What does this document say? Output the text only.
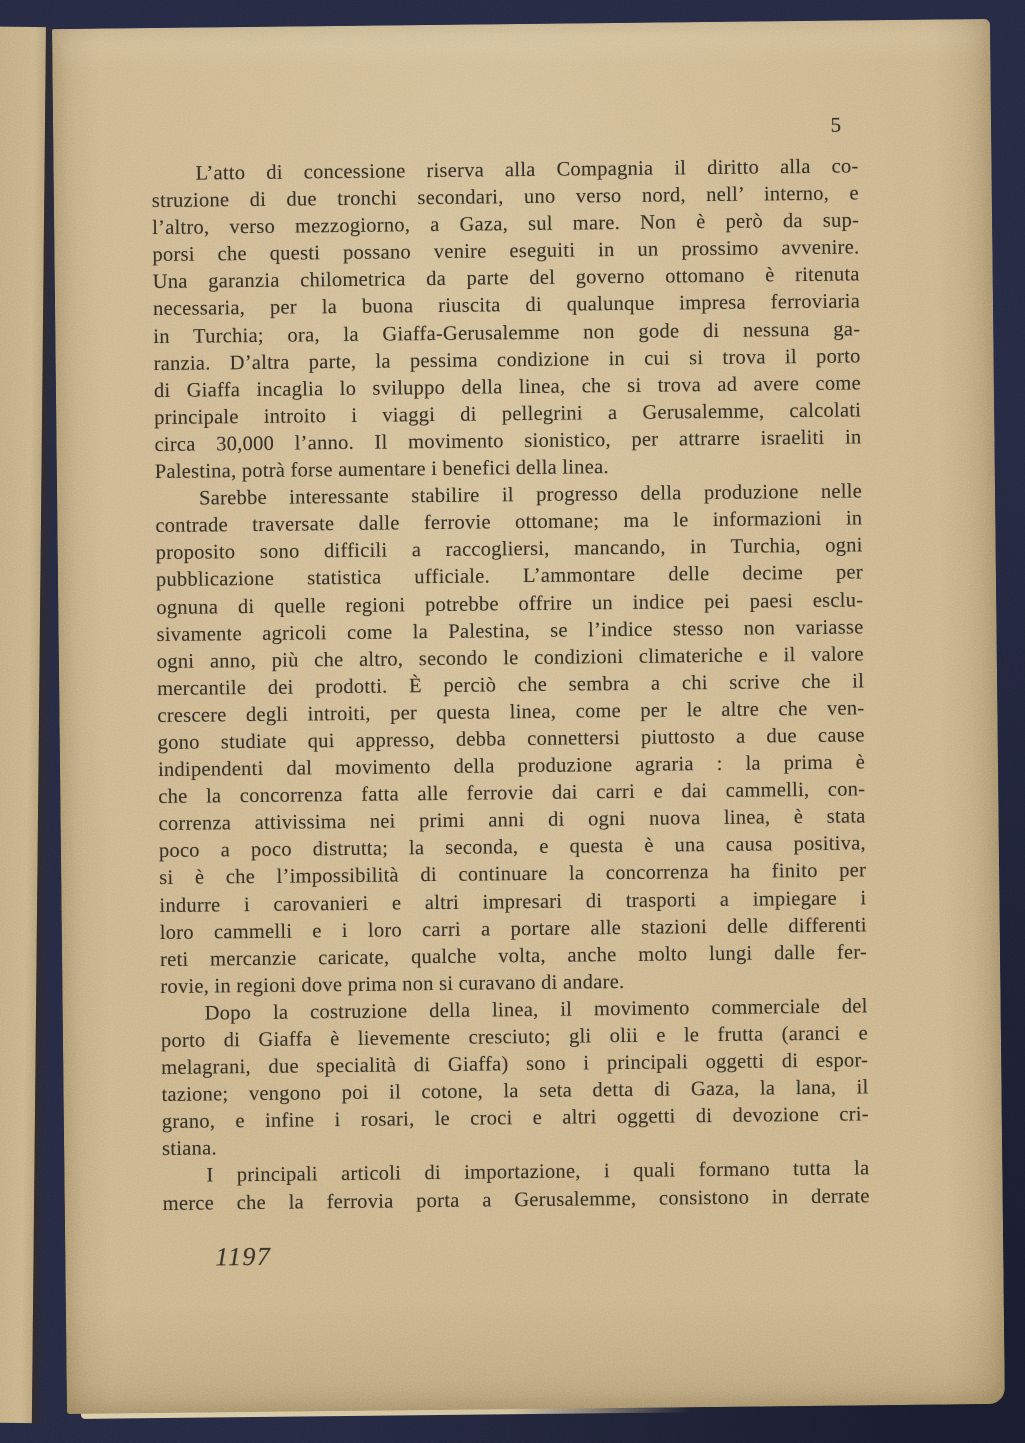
5
L’atto di concessione riserva alla Compagnia il diritto alla co-
struzione di due tronchi secondari, uno verso nord, nell’ interno, e
l’altro, verso mezzogiorno, a Gaza, sul mare. Non è però da sup-
porsi che questi possano venire eseguiti in un prossimo avvenire.
Una garanzia chilometrica da parte del governo ottomano è ritenuta
necessaria, per la buona riuscita di qualunque impresa ferroviaria
in Turchia; ora, la Giaffa-Gerusalemme non gode di nessuna ga-
ranzia. D’altra parte, la pessima condizione in cui si trova il porto
di Giaffa incaglia lo sviluppo della linea, che si trova ad avere come
principale introito i viaggi di pellegrini a Gerusalemme, calcolati
circa 30,000 l’anno. Il movimento sionistico, per attrarre israeliti in
Palestina, potrà forse aumentare i benefici della linea.
Sarebbe interessante stabilire il progresso della produzione nelle
contrade traversate dalle ferrovie ottomane; ma le informazioni in
proposito sono difficili a raccogliersi, mancando, in Turchia, ogni
pubblicazione statistica ufficiale. L’ammontare delle decime per
ognuna di quelle regioni potrebbe offrire un indice pei paesi esclu-
sivamente agricoli come la Palestina, se l’indice stesso non variasse
ogni anno, più che altro, secondo le condizioni climateriche e il valore
mercantile dei prodotti. È perciò che sembra a chi scrive che il
crescere degli introiti, per questa linea, come per le altre che ven-
gono studiate qui appresso, debba connettersi piuttosto a due cause
indipendenti dal movimento della produzione agraria : la prima è
che la concorrenza fatta alle ferrovie dai carri e dai cammelli, con-
correnza attivissima nei primi anni di ogni nuova linea, è stata
poco a poco distrutta; la seconda, e questa è una causa positiva,
si è che l’impossibilità di continuare la concorrenza ha finito per
indurre i carovanieri e altri impresari di trasporti a impiegare i
loro cammelli e i loro carri a portare alle stazioni delle differenti
reti mercanzie caricate, qualche volta, anche molto lungi dalle fer-
rovie, in regioni dove prima non si curavano di andare.
Dopo la costruzione della linea, il movimento commerciale del
porto di Giaffa è lievemente cresciuto; gli olii e le frutta (aranci e
melagrani, due specialità di Giaffa) sono i principali oggetti di espor-
tazione; vengono poi il cotone, la seta detta di Gaza, la lana, il
grano, e infine i rosari, le croci e altri oggetti di devozione cri-
stiana.
I principali articoli di importazione, i quali formano tutta la
merce che la ferrovia porta a Gerusalemme, consistono in derrate
1197
